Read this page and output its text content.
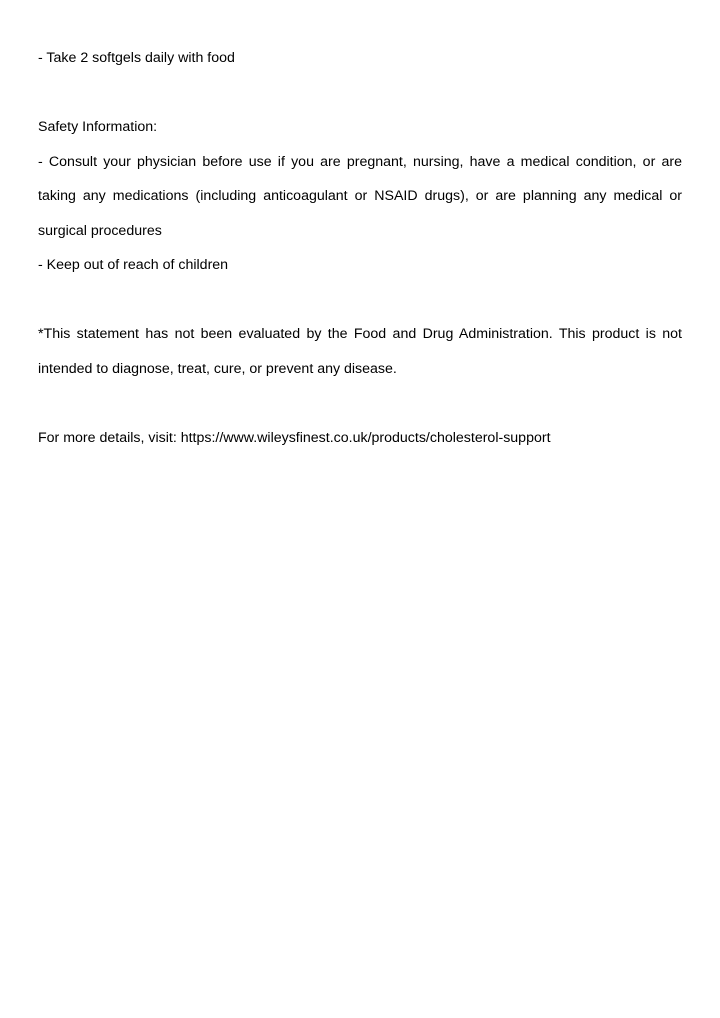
- Take 2 softgels daily with food

Safety Information:

- Consult your physician before use if you are pregnant, nursing, have a medical condition, or are taking any medications (including anticoagulant or NSAID drugs), or are planning any medical or surgical procedures

- Keep out of reach of children

*This statement has not been evaluated by the Food and Drug Administration. This product is not intended to diagnose, treat, cure, or prevent any disease.

For more details, visit: https://www.wileysfinest.co.uk/products/cholesterol-support
